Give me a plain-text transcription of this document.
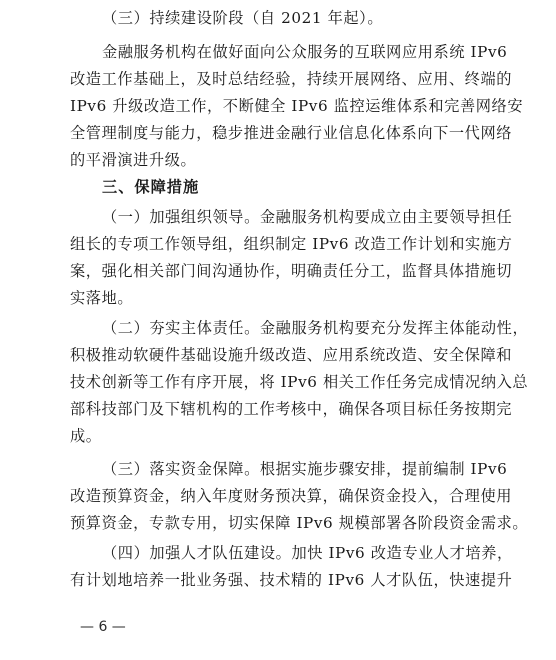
（三）持续建设阶段（自 2021 年起）。
金融服务机构在做好面向公众服务的互联网应用系统 IPv6
改造工作基础上，及时总结经验，持续开展网络、应用、终端的
IPv6 升级改造工作，不断健全 IPv6 监控运维体系和完善网络安
全管理制度与能力，稳步推进金融行业信息化体系向下一代网络
的平滑演进升级。
三、保障措施
（一）加强组织领导。金融服务机构要成立由主要领导担任
组长的专项工作领导组，组织制定 IPv6 改造工作计划和实施方
案，强化相关部门间沟通协作，明确责任分工，监督具体措施切
实落地。
（二）夯实主体责任。金融服务机构要充分发挥主体能动性，
积极推动软硬件基础设施升级改造、应用系统改造、安全保障和
技术创新等工作有序开展，将 IPv6 相关工作任务完成情况纳入总
部科技部门及下辖机构的工作考核中，确保各项目标任务按期完
成。
（三）落实资金保障。根据实施步骤安排，提前编制 IPv6
改造预算资金，纳入年度财务预决算，确保资金投入，合理使用
预算资金，专款专用，切实保障 IPv6 规模部署各阶段资金需求。
（四）加强人才队伍建设。加快 IPv6 改造专业人才培养，
有计划地培养一批业务强、技术精的 IPv6 人才队伍，快速提升
— 6 —
